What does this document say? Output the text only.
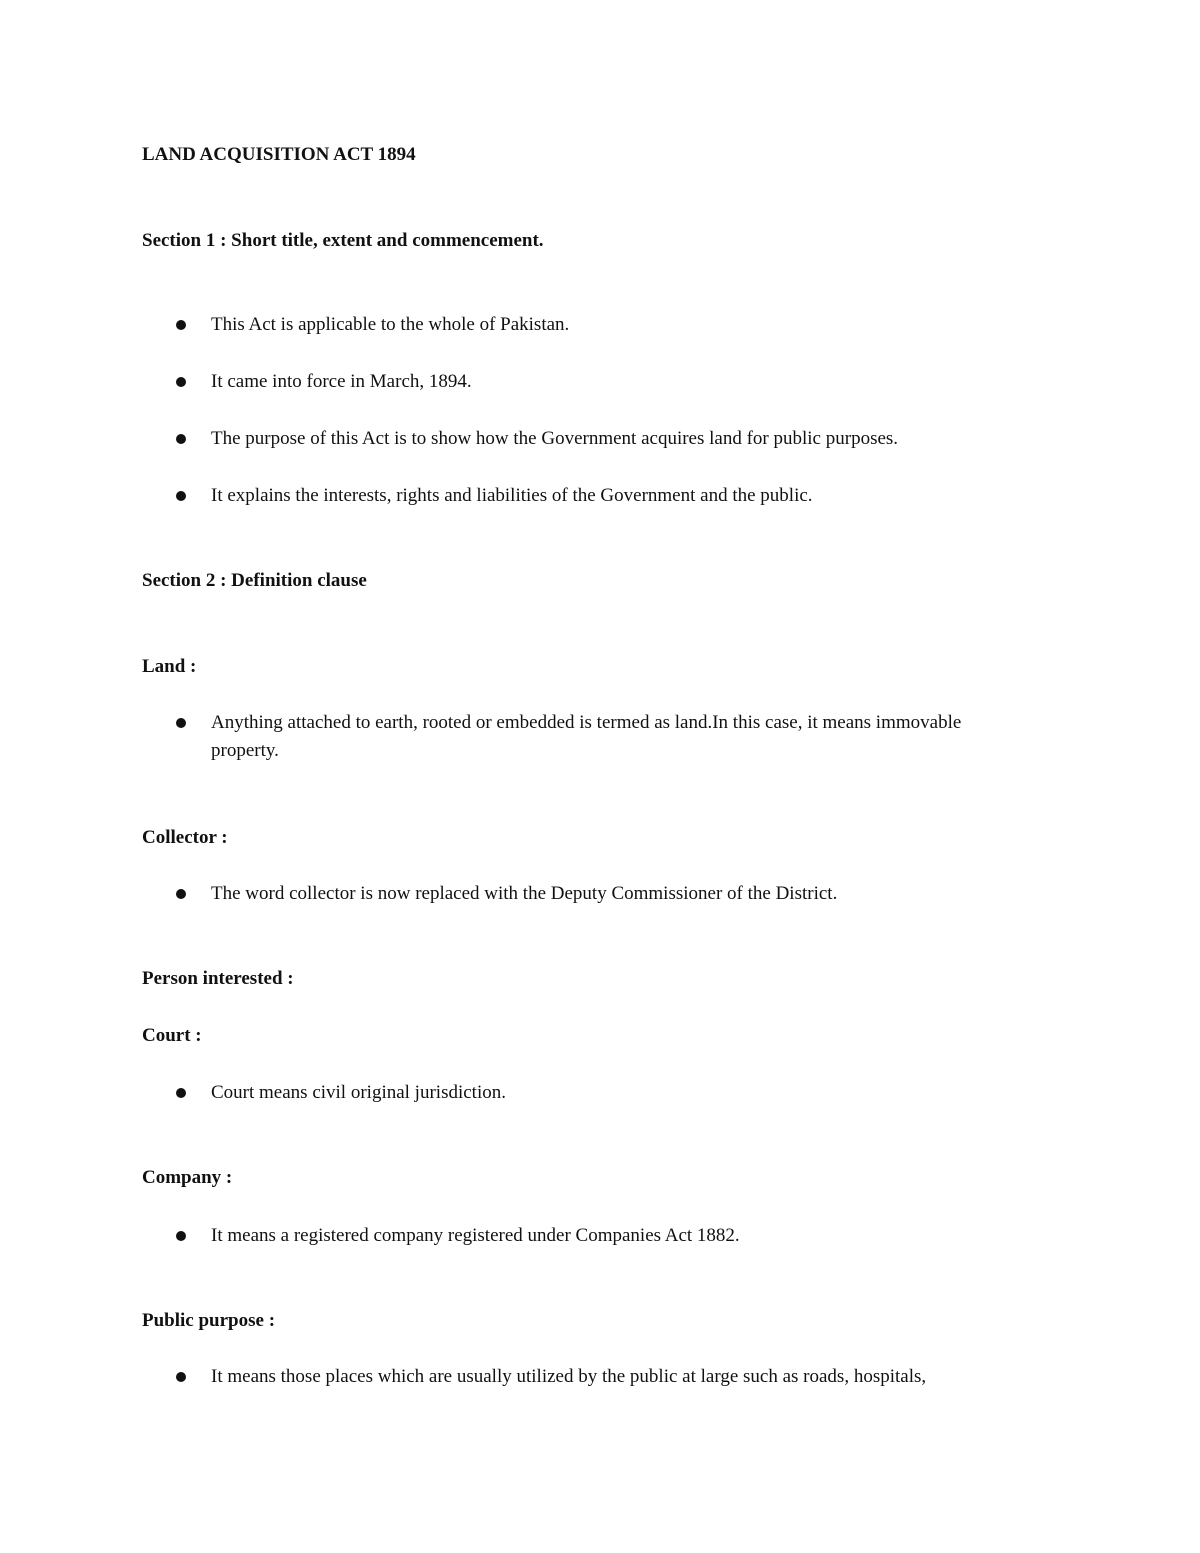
LAND ACQUISITION ACT 1894
Section 1 : Short title, extent and commencement.
This Act is applicable to the whole of Pakistan.
It came into force in March, 1894.
The purpose of this Act is to show how the Government acquires land for public purposes.
It explains the interests, rights and liabilities of the Government and the public.
Section 2 : Definition clause
Land :
Anything attached to earth, rooted or embedded is termed as land.In this case, it means immovable property.
Collector :
The word collector is now replaced with the Deputy Commissioner of the District.
Person interested :
Court :
Court means civil original jurisdiction.
Company :
It means a registered company registered under Companies Act 1882.
Public purpose :
It means those places which are usually utilized by the public at large such as roads, hospitals,
